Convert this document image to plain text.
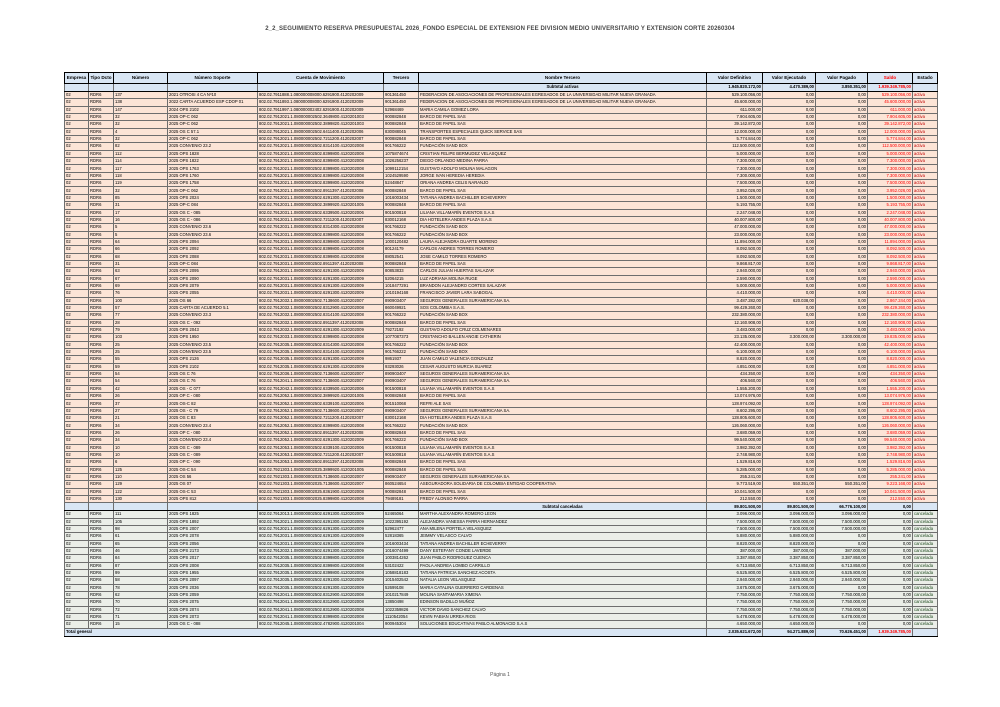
2_2_SEGUIMIENTO RESERVA PRESUPUESTAL 2026_FONDO ESPECIAL DE EXTENSION FEE DIVISION MEDIO UNIVERSITARIO Y EXTENSION CORTE 20260304
Empresa	Tipo Dcto	Número	Número Soporte	Cuenta de Movimiento	Tercero	Nombre Tercero	Valor Definitivo	Valor Ejecutado	Valor Pagado	Saldo	Estado
						Subtotal activas	1.945.820.172,00	4.470.389,00	3.850.351,00	1.939.349.785,00	
02	RDR6	137	2021 OTROSI 4 CA Nº10	802.02.7911888.1.080000008000.6291900.4120202009	901361450	FEDERACION DE ASOCIACIONES DE PROFESIONALES EGRESADOS DE LA UNIVERSIDAD MILITAR NUEVA GRANADA	529.100.056,00	0,00	0,00	529.100.056,00	activa
02	RDR6	138	2022 CARTA ACUERDO ESP CDOP 01	802.02.7911893.1.080000008000.6291900.4120202009	901361450	FEDERACION DE ASOCIACIONES DE PROFESIONALES EGRESADOS DE LA UNIVERSIDAD MILITAR NUEVA GRANADA	45.600.000,00	0,00	0,00	45.600.000,00	activa
02	RDR6	147	2024 OPS 2102	802.02.7911997.1.080000002402.6291900.4120202009	52968469	MARIA CAMILA GOMEZ LORA	611.000,00	0,00	0,00	611.000,00	activa
02	RDR6	32	2025 OP-C 062	802.02.7912021.1.080000002502.3649800.4120201003	900882848	BARCO DE PAPEL SAS	7.904.605,00	0,00	0,00	7.904.605,00	activa
02	RDR6	32	2025 OP-C 062	802.02.7912021.1.080000002502.3899820.4120201003	900882848	BARCO DE PAPEL SAS	39.142.872,00	0,00	0,00	39.142.872,00	activa
02	RDR6	4	2025 OS C 57.1	802.02.7912021.1.080000002502.6411400.4120202006	830088045	TRANSPORTES ESPECIALES QUICK SERVICE SAS	12.000.000,00	0,00	0,00	12.000.000,00	activa
02	RDR6	32	2025 OP-C 062	802.02.7912021.1.080000002502.7211200.4120202007	900882848	BARCO DE PAPEL SAS	5.774.844,00	0,00	0,00	5.774.844,00	activa
02	RDR6	82	2025 CONVENIO 23.2	802.02.7912021.1.080000002502.8314100.4120202008	901766222	FUNDACIÓN SAND BOX	112.500.000,00	0,00	0,00	112.500.000,00	activa
02	RDR6	112	2025 OPS 1828	802.02.7912021.1.080000002502.8399800.4120202008	1075874674	CRISTIAN FELIPE BERMUDEZ VELASQUEZ	5.000.000,00	0,00	0,00	5.000.000,00	activa
02	RDR6	114	2025 OPS 1822	802.02.7912021.1.080000002502.8399800.4120202008	1026256237	DIEGO ORLANDO MEDINA PARRA	7.300.000,00	0,00	0,00	7.300.000,00	activa
02	RDR6	117	2025 OPS 1763	802.02.7912021.1.080000002502.8399800.4120202008	1099112154	GUSTAVO ADOLFO MOLINA MALAGON	7.300.000,00	0,00	0,00	7.300.000,00	activa
02	RDR6	118	2025 OPS 1760	802.02.7912021.1.080000002502.8399800.4120202008	1024529590	JORGE IVAN HEREDIA HEREDIA	7.300.000,00	0,00	0,00	7.300.000,00	activa
02	RDR6	119	2025 OPS 1758	802.02.7912021.1.080000002502.8399800.4120202008	52448847	ORIANA ANDREA CELIS NARANJO	7.500.000,00	0,00	0,00	7.500.000,00	activa
02	RDR6	32	2025 OP-C 062	802.02.7912021.1.080000002502.8911397.4120202008	900882848	BARCO DE PAPEL SAS	3.952.026,00	0,00	0,00	3.952.026,00	activa
02	RDR6	85	2025 OPS 2024	802.02.7912021.1.080000002502.6291300.4120202009	1016003434	TATIANA ANDREA BACHILLER ECHEVERRY	1.500.000,00	0,00	0,00	1.500.000,00	activa
02	RDR6	31	2025 OP-C 084	802.02.7912031.1.080000002502.3899920.4120201005	900882848	BARCO DE PAPEL SAS	5.193.755,00	0,00	0,00	5.193.755,00	activa
02	RDR6	17	2025 OS C - 085	802.02.7912031.1.080000002502.6339500.4120202006	901500818	LILIANA VILLAMARÍN EVENTOS S.A.S	2.247.048,00	0,00	0,00	2.247.048,00	activa
02	RDR6	16	2025 OS C - 086	802.02.7912031.1.080000002502.7211200.4120202007	830012168	DIA HOTELERA ANDES PLAZA S.A.S	40.007.800,00	0,00	0,00	40.007.800,00	activa
02	RDR6	5	2025 CONVENIO 23.6	802.02.7912031.1.080000002502.8314300.4120202008	901766222	FUNDACIÓN SAND BOX	47.000.000,00	0,00	0,00	47.000.000,00	activa
02	RDR6	5	2025 CONVENIO 23.6	802.02.7912031.1.080000002502.8399800.4120202008	901766222	FUNDACIÓN SAND BOX	23.000.000,00	0,00	0,00	23.000.000,00	activa
02	RDR6	64	2025 OPS 2094	802.02.7912031.1.080000002502.8399800.4120202008	1000120482	LAURA ALEJANDRA DUARTE MORENO	11.894.000,00	0,00	0,00	11.894.000,00	activa
02	RDR6	66	2025 OPS 2092	802.02.7912031.1.080000002502.8399800.4120202008	80124179	CARLOS ANDRES TORRES ROMERO	8.092.500,00	0,00	0,00	8.092.500,00	activa
02	RDR6	68	2025 OPS 2088	802.02.7912031.1.080000002502.8399800.4120202008	88052541	JOSE CAMILO TORRES ROMERO	8.092.500,00	0,00	0,00	8.092.500,00	activa
02	RDR6	31	2025 OP-C 084	802.02.7912031.1.080000002502.8911397.4120202008	900882848	BARCO DE PAPEL SAS	9.868.817,00	0,00	0,00	9.868.817,00	activa
02	RDR6	63	2025 OPS 2095	802.02.7912031.1.080000002502.6291300.4120202009	80853833	CARLOS JULIAN HUERTAS SALAZAR	2.940.000,00	0,00	0,00	2.940.000,00	activa
02	RDR6	67	2025 OPS 2090	802.02.7912031.1.080000002502.6291300.4120202009	52064215	LUZ ADRIANA MOLINA RUGE	2.590.000,00	0,00	0,00	2.590.000,00	activa
02	RDR6	69	2025 OPS 2079	802.02.7912031.1.080000002502.6291300.4120202009	1018477291	BRANDON ALEJANDRO CORTES SALAZAR	5.000.000,00	0,00	0,00	5.000.000,00	activa
02	RDR6	76	2025 OPS 2055	802.02.7912031.1.080000002502.6291300.4120202009	1010194168	FRANCISCO JAVIER LARA SABOGAL	4.410.000,00	0,00	0,00	4.410.000,00	activa
02	RDR6	100	2025 OS 66	802.02.7912032.1.080000002502.7138600.4120202007	890903407	SEGUROS GENERALES SURAMERICANA SA.	3.487.282,00	620.038,00	0,00	2.867.244,00	activa
02	RDR6	57	2025 CARTA DE ACUERDO 5.1	802.02.7912032.1.080000002502.8312900.4120202008	860049921	SOS COLOMBIA S.A.S.	99.429.260,00	0,00	0,00	99.429.260,00	activa
02	RDR6	77	2025 CONVENIO 23.3	802.02.7912032.1.080000002502.8314100.4120202008	901766222	FUNDACIÓN SAND BOX	232.380.000,00	0,00	0,00	232.380.000,00	activa
02	RDR6	28	2025 OS C - 092	802.02.7912032.1.080000002502.8911397.4120202008	900882848	BARCO DE PAPEL SAS	12.160.908,00	0,00	0,00	12.160.908,00	activa
02	RDR6	79	2025 OPS 2043	802.02.7912032.1.080000002502.6291300.4120202009	79272192	GUSTAVO ADOLFO CRUZ COLMENARES	3.483.000,00	0,00	0,00	3.483.000,00	activa
02	RDR6	103	2025 OPS 1950	802.02.7912033.1.080000002502.8399800.4120202008	1077087373	CRISTANCHO BALLEN ANGIE CATHERIN	23.135.000,00	3.300.000,00	3.300.000,00	19.835.000,00	activa
02	RDR6	25	2025 CONVENIO 23.5	802.02.7912035.1.080000002502.8314300.4120202008	901766222	FUNDACIÓN SAND BOX	42.400.000,00	0,00	0,00	42.400.000,00	activa
02	RDR6	25	2025 CONVENIO 23.5	802.02.7912035.1.080000002502.8314100.4120202008	901766222	FUNDACIÓN SAND BOX	6.100.000,00	0,00	0,00	6.100.000,00	activa
02	RDR6	55	2025 OPS 2126	802.02.7912035.1.080000002502.6291300.4120202009	9861937	JUAN CAMILO VALENCIA GONZALEZ	8.820.000,00	0,00	0,00	8.820.000,00	activa
02	RDR6	59	2025 OPS 2102	802.02.7912035.1.080000002502.6291300.4120202009	93293026	CESAR AUGUSTO MURCIA SUAREZ	4.851.000,00	0,00	0,00	4.851.000,00	activa
02	RDR6	54	2025 OS C 76	802.02.7912036.1.080000002502.7138600.4120202007	890903407	SEGUROS GENERALES SURAMERICANA SA.	434.350,00	0,00	0,00	434.350,00	activa
02	RDR6	54	2025 OS C 76	802.02.7912041.1.080000002502.7138600.4120202007	890903407	SEGUROS GENERALES SURAMERICANA SA.	406.560,00	0,00	0,00	406.560,00	activa
02	RDR6	42	2025 OS - C 077	802.02.7912042.1.080000002502.6339500.4120202006	901500818	LILIANA VILLAMARÍN EVENTOS S.A.S	1.555.200,00	0,00	0,00	1.555.200,00	activa
02	RDR6	26	2025 OP C - 080	802.02.7912052.1.080000002502.3899920.4120201005	900882848	BARCO DE PAPEL SAS	13.074.976,00	0,00	0,00	13.074.976,00	activa
02	RDR6	37	2025 OS-C 82	802.02.7912052.1.080000002502.6339100.4120202006	901510068	REFRI ALE SAS	128.974.092,00	0,00	0,00	128.974.092,00	activa
02	RDR6	27	2025 OS - C 79	802.02.7912052.1.080000002502.7138600.4120202007	890903407	SEGUROS GENERALES SURAMERICANA SA.	8.602.295,00	0,00	0,00	8.602.295,00	activa
02	RDR6	21	2025 OS C 83	802.02.7912052.1.080000002502.7211200.4120202007	830012168	DIA HOTELERA ANDES PLAZA S.A.S	128.805.600,00	0,00	0,00	128.805.600,00	activa
02	RDR6	34	2025 CONVENIO 23.4	802.02.7912052.1.080000002502.8399800.4120202008	901766222	FUNDACIÓN SAND BOX	126.060.000,00	0,00	0,00	126.060.000,00	activa
02	RDR6	26	2025 OP C - 080	802.02.7912052.1.080000002502.8911397.4120202008	900882848	BARCO DE PAPEL SAS	3.680.059,00	0,00	0,00	3.680.059,00	activa
02	RDR6	34	2025 CONVENIO 23.4	802.02.7912052.1.080000002502.6291300.4120202009	901766222	FUNDACIÓN SAND BOX	99.540.000,00	0,00	0,00	99.540.000,00	activa
02	RDR6	10	2025 OS C - 089	802.02.7912053.1.080000002502.6339100.4120202006	901500818	LILIANA VILLAMARÍN EVENTOS S.A.S	3.982.392,00	0,00	0,00	3.982.392,00	activa
02	RDR6	10	2025 OS C - 089	802.02.7912053.1.080000002502.7211200.4120202007	901500818	LILIANA VILLAMARÍN EVENTOS S.A.S	2.748.980,00	0,00	0,00	2.748.980,00	activa
02	RDR6	6	2025 OP C - 090	802.02.7912053.1.080000002502.8911397.4120202008	900882848	BARCO DE PAPEL SAS	1.529.816,00	0,00	0,00	1.529.816,00	activa
02	RDR6	125	2025 OS-C 54	802.02.7921303.1.080000002025.3899920.4120201005	900882848	BARCO DE PAPEL SAS	5.285.000,00	0,00	0,00	5.285.000,00	activa
02	RDR6	110	2025 OS 56	802.02.7921303.1.080000002025.7138600.4120202007	890903407	SEGUROS GENERALES SURAMERICANA SA.	255.241,00	0,00	0,00	255.241,00	activa
02	RDR6	129	2025 OS 07	802.02.7921303.1.080000002025.7138600.4120202007	860524654	ASEGURADORA SOLIDARIA DE COLOMBIA ENTIDAD COOPERATIVA	9.773.519,00	550.351,00	550.351,00	9.223.168,00	activa
02	RDR6	122	2025 OS-C 53	802.02.7921303.1.080000002025.8361900.4120202008	900882848	BARCO DE PAPEL SAS	10.041.500,00	0,00	0,00	10.041.500,00	activa
02	RDR6	130	2025 OPS 812	802.02.7921303.1.080000002025.8399800.4120202008	79489181	FREDY ALONSO PARRA	212.550,00	0,00	0,00	212.550,00	activa
						Subtotal canceladas	89.801.500,00	89.801.500,00	66.776.100,00	0,00	
02	RDR6	111	2025 OPS 1825	802.02.7912013.1.080000002502.6291300.4120202009	52465064	MARTHA ALEXANDRA ROMERO LEON	3.096.000,00	3.096.000,00	3.096.000,00	0,00	cancelada
02	RDR6	105	2025 OPS 1892	802.02.7912021.1.080000002502.6291300.4120202009	1022395192	ALEJANDRA VANESSA PARRA HERNANDEZ	7.500.000,00	7.500.000,00	7.500.000,00	0,00	cancelada
02	RDR6	98	2025 OPS 2007	802.02.7912021.1.080000002502.6291300.4120202009	52962477	ANA MILENA PORTELA VELASQUEZ	7.500.000,00	7.500.000,00	7.500.000,00	0,00	cancelada
02	RDR6	61	2025 OPS 2078	802.02.7912031.1.080000002502.6291300.4120202009	52818365	JEIMMY VELASCO CALVO	5.880.000,00	5.880.000,00	0,00	0,00	cancelada
02	RDR6	65	2025 OPS 2056	802.02.7912031.1.080000002502.6291300.4120202009	1016003434	TATIANA ANDREA BACHILLER ECHEVERRY	8.820.000,00	8.820.000,00	0,00	0,00	cancelada
02	RDR6	46	2025 OPS 2173	802.02.7912032.1.080000002502.6291300.4120202009	1016074499	DANY ESTEFANY CONDE LAVERDE	387.000,00	387.000,00	387.000,00	0,00	cancelada
02	RDR6	84	2025 OPS 2017	802.02.7912035.1.080000002502.8399800.4120202008	1003814262	JUAN PABLO RODRIGUEZ CUENCA	3.387.850,00	3.387.850,00	3.387.850,00	0,00	cancelada
02	RDR6	87	2025 OPS 2008	802.02.7912035.1.080000002502.8399800.4120202008	53102422	PAOLA ANDREA LOMBO CARRILLO	6.713.850,00	6.713.850,00	6.713.850,00	0,00	cancelada
02	RDR6	99	2025 OPS 1955	802.02.7912035.1.080000002502.8399800.4120202008	1058818183	TATIANA PATRICIA SANCHEZ ACOSTA	6.525.800,00	6.525.800,00	6.525.800,00	0,00	cancelada
02	RDR6	58	2025 OPS 2097	802.02.7912035.1.080000002502.6291300.4120202009	1015402542	NATALIA LEON VELASQUEZ	2.940.000,00	2.940.000,00	2.940.000,00	0,00	cancelada
02	RDR6	78	2025 OPS 2036	802.02.7912035.1.080000002502.6291300.4120202009	52699108	MARIA CATALINA GUERRERO CARDENAS	3.675.000,00	3.675.000,00	0,00	0,00	cancelada
02	RDR6	62	2025 OPS 2059	802.02.7912041.1.080000002502.8312900.4120202008	1010217849	MOLINA SANTAMARIA XIMENA	7.750.000,00	7.750.000,00	7.750.000,00	0,00	cancelada
02	RDR6	70	2025 OPS 2075	802.02.7912041.1.080000002502.8312900.4120202008	13850498	EDINSON BADILLO MUÑOZ	7.750.000,00	7.750.000,00	7.750.000,00	0,00	cancelada
02	RDR6	72	2025 OPS 2074	802.02.7912041.1.080000002502.8312900.4120202008	1022359826	VICTOR DAVID SANCHEZ CALVO	7.750.000,00	7.750.000,00	7.750.000,00	0,00	cancelada
02	RDR6	71	2025 OPS 2073	802.02.7912041.1.080000002502.8399800.4120202008	1110542054	KEVIN FABIAN URREA RIOS	5.478.000,00	5.478.000,00	5.478.000,00	0,00	cancelada
02	RDR6	15	2025 OS C - 088	802.02.7912045.1.080000002502.4782900.4120201004	900945304	SOLUCIONES EDUCATIVAS PABLO ALMONACID S.A.S	4.650.000,00	4.650.000,00	0,00	0,00	cancelada
Total general							2.035.621.672,00	94.271.889,00	70.626.451,00	1.939.349.785,00	
Página 1
